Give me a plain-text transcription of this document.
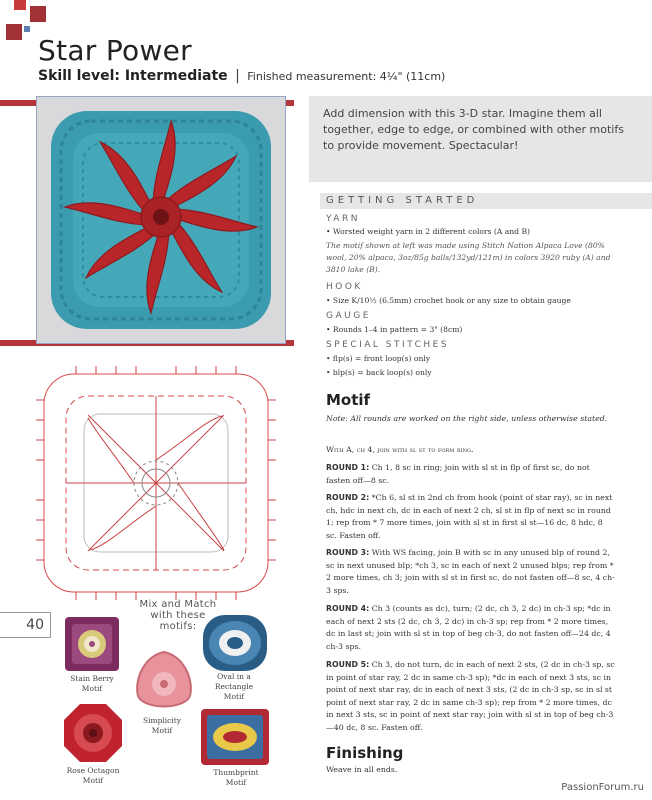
Star Power
Skill level: Intermediate | Finished measurement: 4¼" (11cm)

Add dimension with this 3-D star. Imagine them all together, edge to edge, or combined with other motifs to provide movement. Spectacular!

GETTING STARTED
YARN
• Worsted weight yarn in 2 different colors (A and B)
The motif shown at left was made using Stitch Nation Alpaca Love (80% wool, 20% alpaca, 3oz/85g balls/132yd/121m) in colors 3920 ruby (A) and 3810 lake (B).
HOOK
• Size K/10½ (6.5mm) crochet hook or any size to obtain gauge
GAUGE
• Rounds 1–4 in pattern = 3" (8cm)
SPECIAL STITCHES
• flp(s) = front loop(s) only
• blp(s) = back loop(s) only
Motif
Note: All rounds are worked on the right side, unless otherwise stated.
With A, ch 4, join with sl st to form ring.
ROUND 1: Ch 1, 8 sc in ring; join with sl st in flp of first sc, do not fasten off—8 sc.
ROUND 2: *Ch 6, sl st in 2nd ch from hook (point of star ray), sc in next ch, hdc in next ch, dc in each of next 2 ch, sl st in flp of next sc in round 1; rep from * 7 more times, join with sl st in first sl st—16 dc, 8 hdc, 8 sc. Fasten off.
ROUND 3: With WS facing, join B with sc in any unused blp of round 2, sc in next unused blp; *ch 3, sc in each of next 2 unused blps; rep from * 2 more times, ch 3; join with sl st in first sc, do not fasten off—8 sc, 4 ch-3 sps.
ROUND 4: Ch 3 (counts as dc), turn; (2 dc, ch 3, 2 dc) in ch-3 sp; *dc in each of next 2 sts (2 dc, ch 3, 2 dc) in ch-3 sp; rep from * 2 more times, dc in last st; join with sl st in top of beg ch-3, do not fasten off—24 dc, 4 ch-3 sps.
ROUND 5: Ch 3, do not turn, dc in each of next 2 sts, (2 dc in ch-3 sp, sc in point of star ray, 2 dc in same ch-3 sp); *dc in each of next 3 sts, sc in point of next star ray, dc in each of next 3 sts, (2 dc in ch-3 sp, sc in sl st point of next star ray, 2 dc in same ch-3 sp); rep from * 2 more times, dc in next 3 sts, sc in point of next star ray; join with sl st in top of beg ch-3—40 dc, 8 sc. Fasten off.
Finishing
Weave in all ends.
40
Mix and Match
with these
motifs:
Stain Berry
Motif
Simplicity
Motif
Oval in a
Rectangle
Motif
Rose Octagon
Motif
Thumbprint
Motif	PassionForum.ru
